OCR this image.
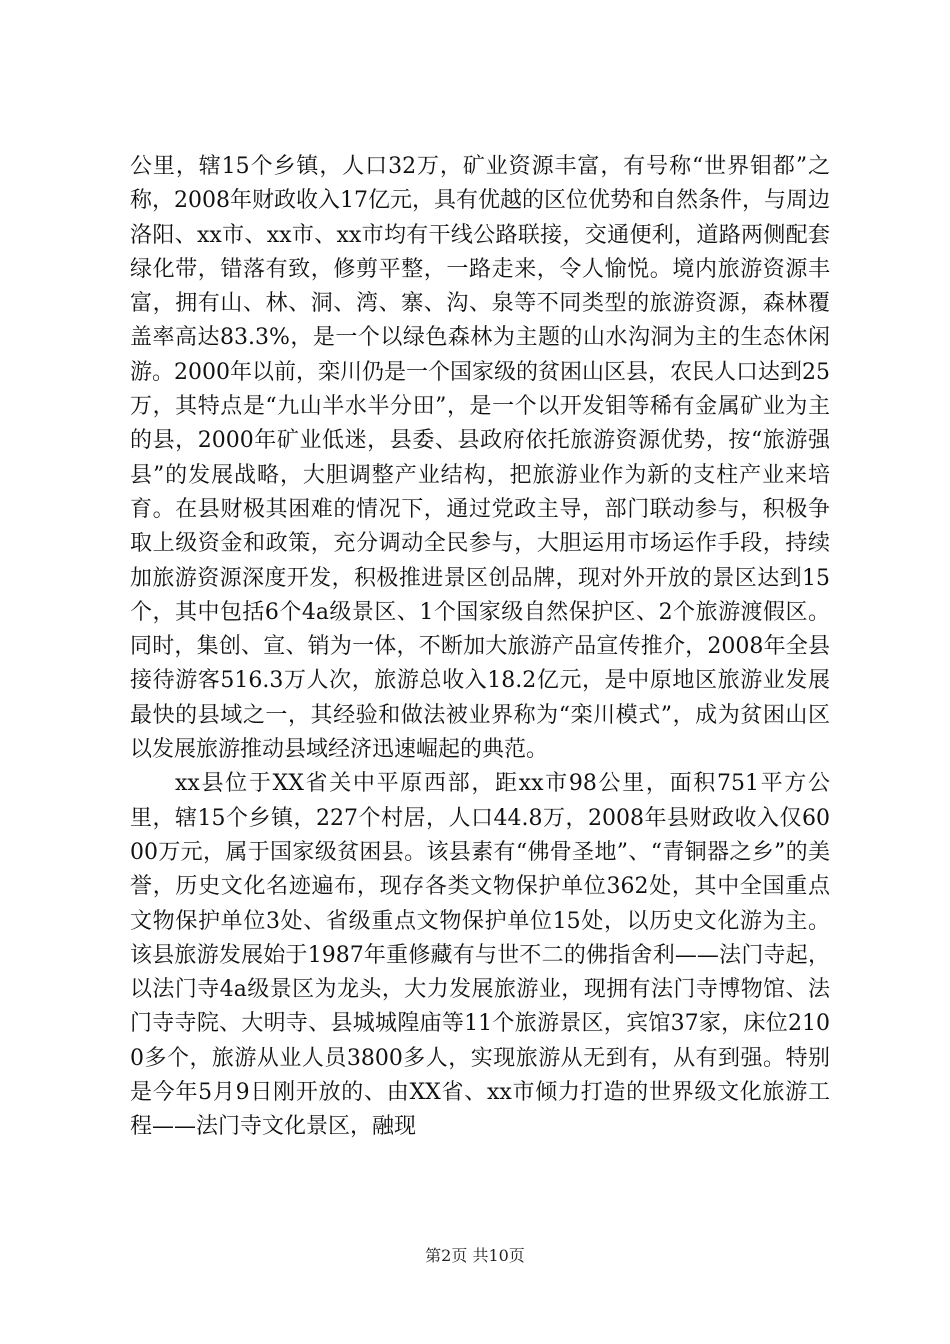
公里，辖15个乡镇，人口32万，矿业资源丰富，有号称“世界钼都”之称，2008年财政收入17亿元，具有优越的区位优势和自然条件，与周边洛阳、xx市、xx市、xx市均有干线公路联接，交通便利，道路两侧配套绿化带，错落有致，修剪平整，一路走来，令人愉悦。境内旅游资源丰富，拥有山、林、洞、湾、寨、沟、泉等不同类型的旅游资源，森林覆盖率高达83.3%，是一个以绿色森林为主题的山水沟洞为主的生态休闲游。2000年以前，栾川仍是一个国家级的贫困山区县，农民人口达到25万，其特点是“九山半水半分田”，是一个以开发钼等稀有金属矿业为主的县，2000年矿业低迷，县委、县政府依托旅游资源优势，按“旅游强县”的发展战略，大胆调整产业结构，把旅游业作为新的支柱产业来培育。在县财极其困难的情况下，通过党政主导，部门联动参与，积极争取上级资金和政策，充分调动全民参与，大胆运用市场运作手段，持续加旅游资源深度开发，积极推进景区创品牌，现对外开放的景区达到15个，其中包括6个4a级景区、1个国家级自然保护区、2个旅游渡假区。同时，集创、宣、销为一体，不断加大旅游产品宣传推介，2008年全县接待游客516.3万人次，旅游总收入18.2亿元，是中原地区旅游业发展最快的县域之一，其经验和做法被业界称为“栾川模式”，成为贫困山区以发展旅游推动县域经济迅速崛起的典范。

xx县位于XX省关中平原西部，距xx市98公里，面积751平方公里，辖15个乡镇，227个村居，人口44.8万，2008年县财政收入仅6000万元，属于国家级贫困县。该县素有“佛骨圣地”、“青铜器之乡”的美誉，历史文化名迹遍布，现存各类文物保护单位362处，其中全国重点文物保护单位3处、省级重点文物保护单位15处，以历史文化游为主。该县旅游发展始于1987年重修藏有与世不二的佛指舍利——法门寺起，以法门寺4a级景区为龙头，大力发展旅游业，现拥有法门寺博物馆、法门寺寺院、大明寺、县城城隍庙等11个旅游景区，宾馆37家，床位2100多个，旅游从业人员3800多人，实现旅游从无到有，从有到强。特别是今年5月9日刚开放的、由XX省、xx市倾力打造的世界级文化旅游工程——法门寺文化景区，融现

第2页 共10页
